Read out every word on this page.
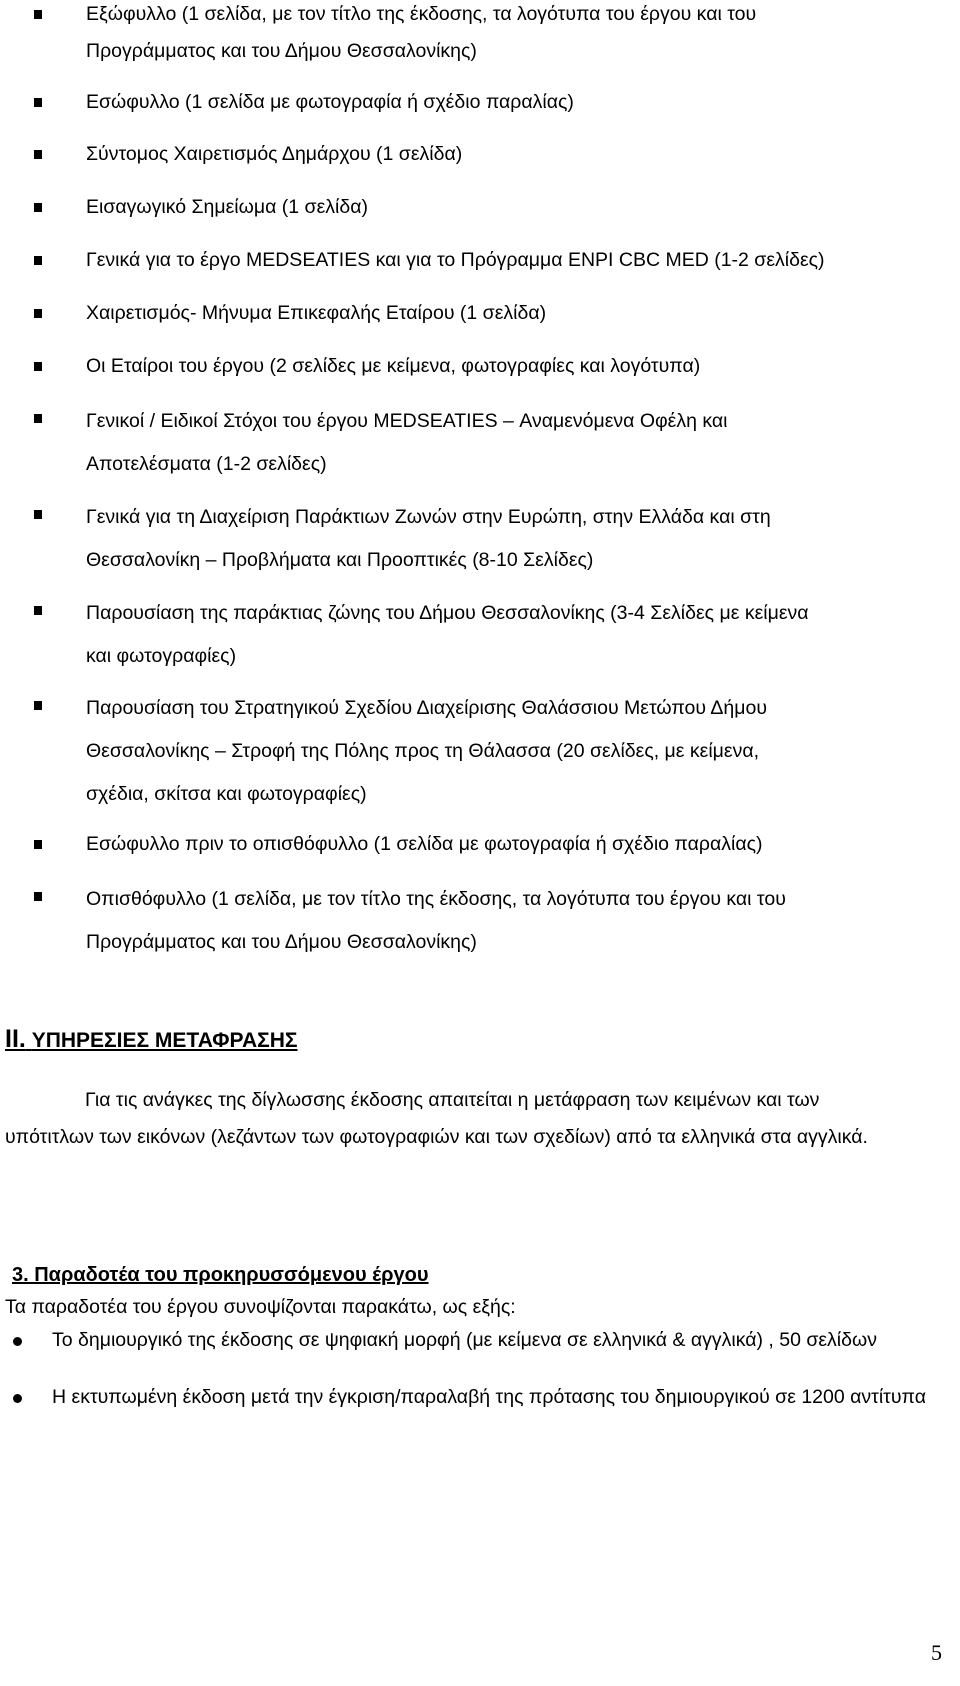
Εξώφυλλο (1 σελίδα, με τον τίτλο της έκδοσης, τα λογότυπα του έργου και του
Προγράμματος και του Δήμου Θεσσαλονίκης)
Εσώφυλλο (1 σελίδα με φωτογραφία ή σχέδιο παραλίας)
Σύντομος Χαιρετισμός Δημάρχου (1 σελίδα)
Εισαγωγικό Σημείωμα (1 σελίδα)
Γενικά για το έργο MEDSEATIES και για το Πρόγραμμα ENPI CBC MED (1-2 σελίδες)
Χαιρετισμός- Μήνυμα Επικεφαλής Εταίρου (1 σελίδα)
Οι Εταίροι του έργου (2 σελίδες με κείμενα, φωτογραφίες και λογότυπα)
Γενικοί / Ειδικοί Στόχοι του έργου MEDSEATIES – Αναμενόμενα Οφέλη και
Αποτελέσματα (1-2 σελίδες)
Γενικά για τη Διαχείριση Παράκτιων Ζωνών στην Ευρώπη, στην Ελλάδα και στη
Θεσσαλονίκη – Προβλήματα και Προοπτικές (8-10 Σελίδες)
Παρουσίαση της παράκτιας ζώνης του Δήμου Θεσσαλονίκης (3-4 Σελίδες με κείμενα
και φωτογραφίες)
Παρουσίαση του Στρατηγικού Σχεδίου Διαχείρισης Θαλάσσιου Μετώπου Δήμου
Θεσσαλονίκης – Στροφή της Πόλης προς τη Θάλασσα (20 σελίδες, με κείμενα,
σχέδια, σκίτσα και φωτογραφίες)
Εσώφυλλο πριν το οπισθόφυλλο (1 σελίδα με φωτογραφία ή σχέδιο παραλίας)
Οπισθόφυλλο (1 σελίδα, με τον τίτλο της έκδοσης, τα λογότυπα του έργου και του
Προγράμματος και του Δήμου Θεσσαλονίκης)
II. ΥΠΗΡΕΣΙΕΣ ΜΕΤΑΦΡΑΣΗΣ
Για τις ανάγκες της δίγλωσσης έκδοσης απαιτείται η μετάφραση των κειμένων και των
υπότιτλων των εικόνων (λεζάντων των φωτογραφιών και των σχεδίων) από τα ελληνικά στα αγγλικά.
3. Παραδοτέα του προκηρυσσόμενου έργου
Τα παραδοτέα του έργου συνοψίζονται παρακάτω, ως εξής:
Το δημιουργικό της έκδοσης σε ψηφιακή μορφή (με κείμενα σε ελληνικά & αγγλικά) , 50 σελίδων
Η εκτυπωμένη έκδοση μετά την έγκριση/παραλαβή της πρότασης του δημιουργικού σε 1200 αντίτυπα
5
